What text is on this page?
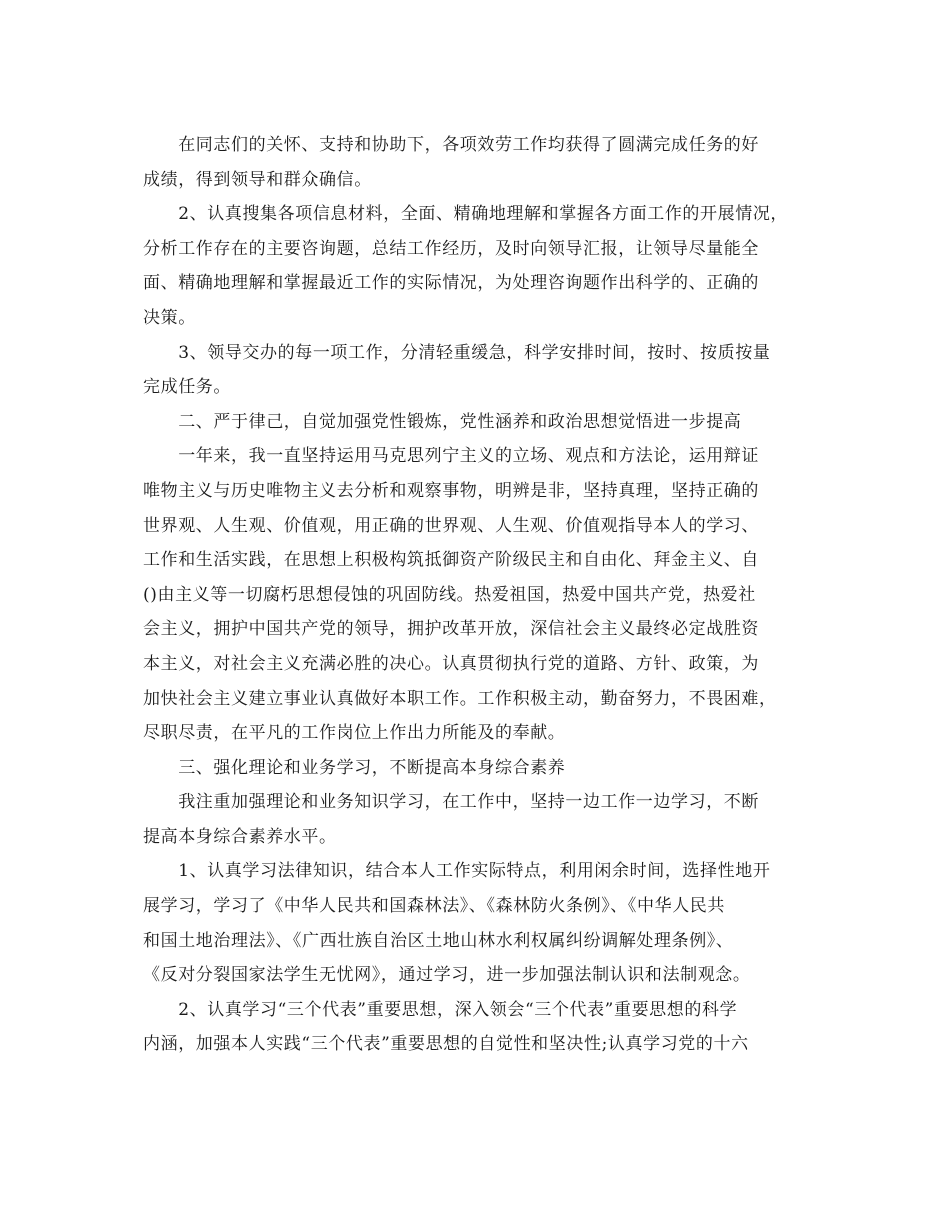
　　在同志们的关怀、支持和协助下，各项效劳工作均获得了圆满完成任务的好
成绩，得到领导和群众确信。
　　2、认真搜集各项信息材料，全面、精确地理解和掌握各方面工作的开展情况，
分析工作存在的主要咨询题，总结工作经历，及时向领导汇报，让领导尽量能全
面、精确地理解和掌握最近工作的实际情况，为处理咨询题作出科学的、正确的
决策。
　　3、领导交办的每一项工作，分清轻重缓急，科学安排时间，按时、按质按量
完成任务。
　　二、严于律己，自觉加强党性锻炼，党性涵养和政治思想觉悟进一步提高
　　一年来，我一直坚持运用马克思列宁主义的立场、观点和方法论，运用辩证
唯物主义与历史唯物主义去分析和观察事物，明辨是非，坚持真理，坚持正确的
世界观、人生观、价值观，用正确的世界观、人生观、价值观指导本人的学习、
工作和生活实践，在思想上积极构筑抵御资产阶级民主和自由化、拜金主义、自
()由主义等一切腐朽思想侵蚀的巩固防线。热爱祖国，热爱中国共产党，热爱社
会主义，拥护中国共产党的领导，拥护改革开放，深信社会主义最终必定战胜资
本主义，对社会主义充满必胜的决心。认真贯彻执行党的道路、方针、政策，为
加快社会主义建立事业认真做好本职工作。工作积极主动，勤奋努力，不畏困难，
尽职尽责，在平凡的工作岗位上作出力所能及的奉献。
　　三、强化理论和业务学习，不断提高本身综合素养
　　我注重加强理论和业务知识学习，在工作中，坚持一边工作一边学习，不断
提高本身综合素养水平。
　　1、认真学习法律知识，结合本人工作实际特点，利用闲余时间，选择性地开
展学习，学习了《中华人民共和国森林法》、《森林防火条例》、《中华人民共
和国土地治理法》、《广西壮族自治区土地山林水利权属纠纷调解处理条例》、
《反对分裂国家法学生无忧网》，通过学习，进一步加强法制认识和法制观念。
　　2、认真学习“三个代表”重要思想，深入领会“三个代表”重要思想的科学
内涵，加强本人实践“三个代表”重要思想的自觉性和坚决性;认真学习党的十六
